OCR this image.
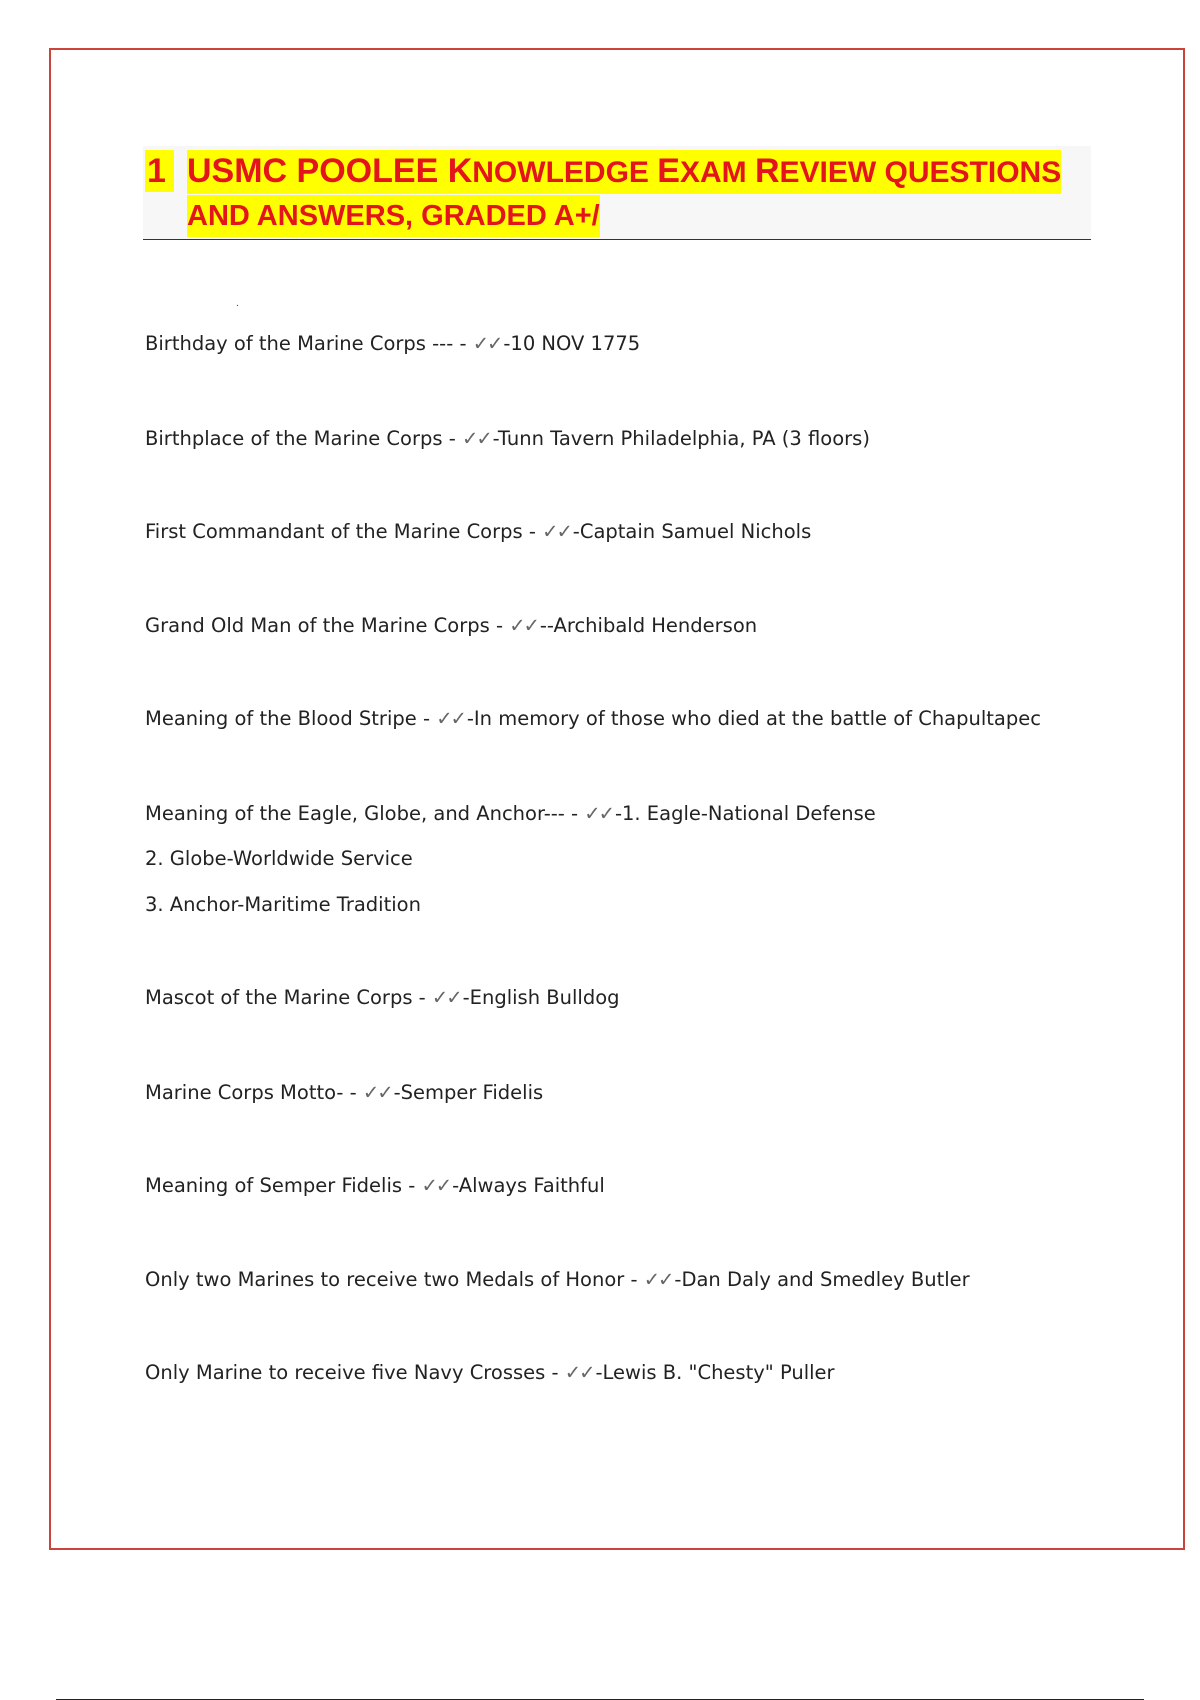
1 USMC POOLEE KNOWLEDGE EXAM REVIEW QUESTIONS
AND ANSWERS, GRADED A+/
.
Birthday of the Marine Corps --- - ✓✓ -10 NOV 1775
Birthplace of the Marine Corps - ✓✓ -Tunn Tavern Philadelphia, PA (3 floors)
First Commandant of the Marine Corps - ✓✓ -Captain Samuel Nichols
Grand Old Man of the Marine Corps - ✓✓ --Archibald Henderson
Meaning of the Blood Stripe - ✓✓ -In memory of those who died at the battle of Chapultapec
Meaning of the Eagle, Globe, and Anchor--- - ✓✓ -1. Eagle-National Defense
2. Globe-Worldwide Service
3. Anchor-Maritime Tradition
Mascot of the Marine Corps - ✓✓ -English Bulldog
Marine Corps Motto- - ✓✓ -Semper Fidelis
Meaning of Semper Fidelis - ✓✓ -Always Faithful
Only two Marines to receive two Medals of Honor - ✓✓ -Dan Daly and Smedley Butler
Only Marine to receive five Navy Crosses - ✓✓ -Lewis B. "Chesty" Puller
